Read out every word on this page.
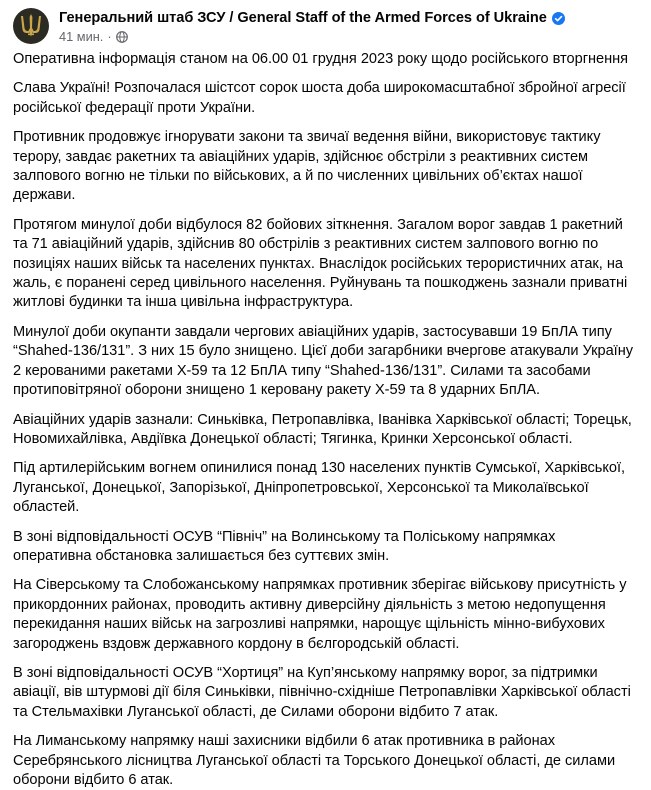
Генеральний штаб ЗСУ / General Staff of the Armed Forces of Ukraine
41 мин. ·

Оперативна інформація станом на 06.00 01 грудня 2023 року щодо російського вторгнення

Слава Україні! Розпочалася шістсот сорок шоста доба широкомасштабної збройної агресії російської федерації проти України.

Противник продовжує ігнорувати закони та звичаї ведення війни, використовує тактику терору, завдає ракетних та авіаційних ударів, здійснює обстріли з реактивних систем залпового вогню не тільки по військових, а й по численних цивільних об’єктах нашої держави.

Протягом минулої доби відбулося 82 бойових зіткнення. Загалом ворог завдав 1 ракетний та 71 авіаційний ударів, здійснив 80 обстрілів з реактивних систем залпового вогню по позиціях наших військ та населених пунктах. Внаслідок російських терористичних атак, на жаль, є поранені серед цивільного населення. Руйнувань та пошкоджень зазнали приватні житлові будинки та інша цивільна інфраструктура.

Минулої доби окупанти завдали чергових авіаційних ударів, застосувавши 19 БпЛА типу “Shahed-136/131”. З них 15 було знищено. Цієї доби загарбники вчергове атакували Україну 2 керованими ракетами Х-59 та 12 БпЛА типу “Shahed-136/131”. Силами та засобами протиповітряної оборони знищено 1 керовану ракету Х-59 та 8 ударних БпЛА.

Авіаційних ударів зазнали: Синьківка, Петропавлівка, Іванівка Харківської області; Торецьк, Новомихайлівка, Авдіївка Донецької області; Тягинка, Кринки Херсонської області.

Під артилерійським вогнем опинилися понад 130 населених пунктів Сумської, Харківської, Луганської, Донецької, Запорізької, Дніпропетровської, Херсонської та Миколаївської областей.

В зоні відповідальності ОСУВ “Північ” на Волинському та Поліському напрямках оперативна обстановка залишається без суттєвих змін.

На Сіверському та Слобожанському напрямках противник зберігає військову присутність у прикордонних районах, проводить активну диверсійну діяльність з метою недопущення перекидання наших військ на загрозливі напрямки, нарощує щільність мінно-вибухових загороджень вздовж державного кордону в бєлгородській області.

В зоні відповідальності ОСУВ “Хортиця” на Куп’янському напрямку ворог, за підтримки авіації, вів штурмові дії біля Синьківки, північно-східніше Петропавлівки Харківської області та Стельмахівки Луганської області, де Силами оборони відбито 7 атак.

На Лиманському напрямку наші захисники відбили 6 атак противника в районах Серебрянського лісництва Луганської області та Торського Донецької області, де силами оборони відбито 6 атак.
